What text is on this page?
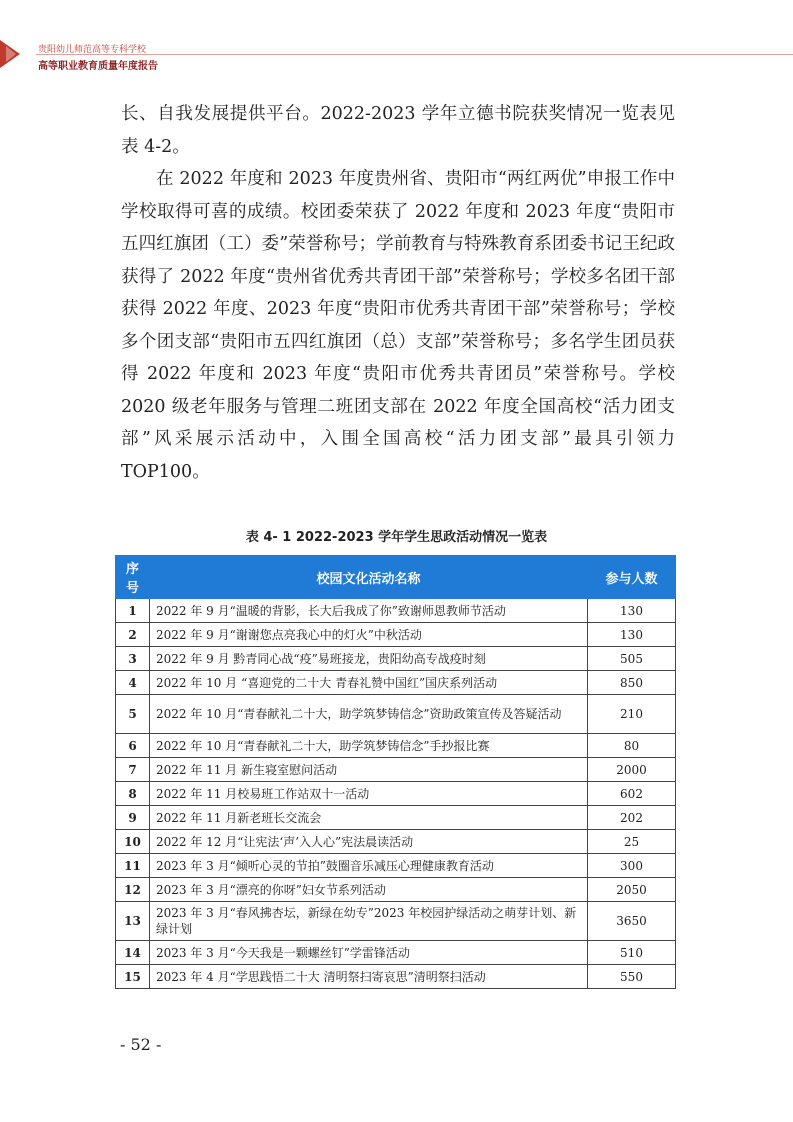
贵阳幼儿师范高等专科学校
高等职业教育质量年度报告

长、自我发展提供平台。2022-2023 学年立德书院获奖情况一览表见表 4-2。

在 2022 年度和 2023 年度贵州省、贵阳市“两红两优”申报工作中学校取得可喜的成绩。校团委荣获了 2022 年度和 2023 年度“贵阳市五四红旗团（工）委”荣誉称号；学前教育与特殊教育系团委书记王纪政获得了 2022 年度“贵州省优秀共青团干部”荣誉称号；学校多名团干部获得 2022 年度、2023 年度“贵阳市优秀共青团干部”荣誉称号；学校多个团支部“贵阳市五四红旗团（总）支部”荣誉称号；多名学生团员获得 2022 年度和 2023 年度“贵阳市优秀共青团员”荣誉称号。学校 2020 级老年服务与管理二班团支部在 2022 年度全国高校“活力团支部”风采展示活动中，入围全国高校“活力团支部”最具引领力 TOP100。

表 4- 1 2022-2023 学年学生思政活动情况一览表
序号	校园文化活动名称	参与人数
1	2022 年 9 月“温暖的背影，长大后我成了你”致谢师恩教师节活动	130
2	2022 年 9 月“谢谢您点亮我心中的灯火”中秋活动	130
3	2022 年 9 月 黔青同心战“疫”易班接龙，贵阳幼高专战疫时刻	505
4	2022 年 10 月 “喜迎党的二十大 青春礼赞中国红”国庆系列活动	850
5	2022 年 10 月“青春献礼二十大，助学筑梦铸信念”资助政策宣传及答疑活动	210
6	2022 年 10 月“青春献礼二十大，助学筑梦铸信念”手抄报比赛	80
7	2022 年 11 月 新生寝室慰问活动	2000
8	2022 年 11 月校易班工作站双十一活动	602
9	2022 年 11 月新老班长交流会	202
10	2022 年 12 月“让宪法‘声’入人心”宪法晨读活动	25
11	2023 年 3 月“倾听心灵的节拍”鼓圈音乐减压心理健康教育活动	300
12	2023 年 3 月“漂亮的你呀”妇女节系列活动	2050
13	2023 年 3 月“春风拂杏坛，新绿在幼专”2023 年校园护绿活动之萌芽计划、新绿计划	3650
14	2023 年 3 月“今天我是一颗螺丝钉”学雷锋活动	510
15	2023 年 4 月“学思践悟二十大 清明祭扫寄哀思”清明祭扫活动	550
- 52 -
